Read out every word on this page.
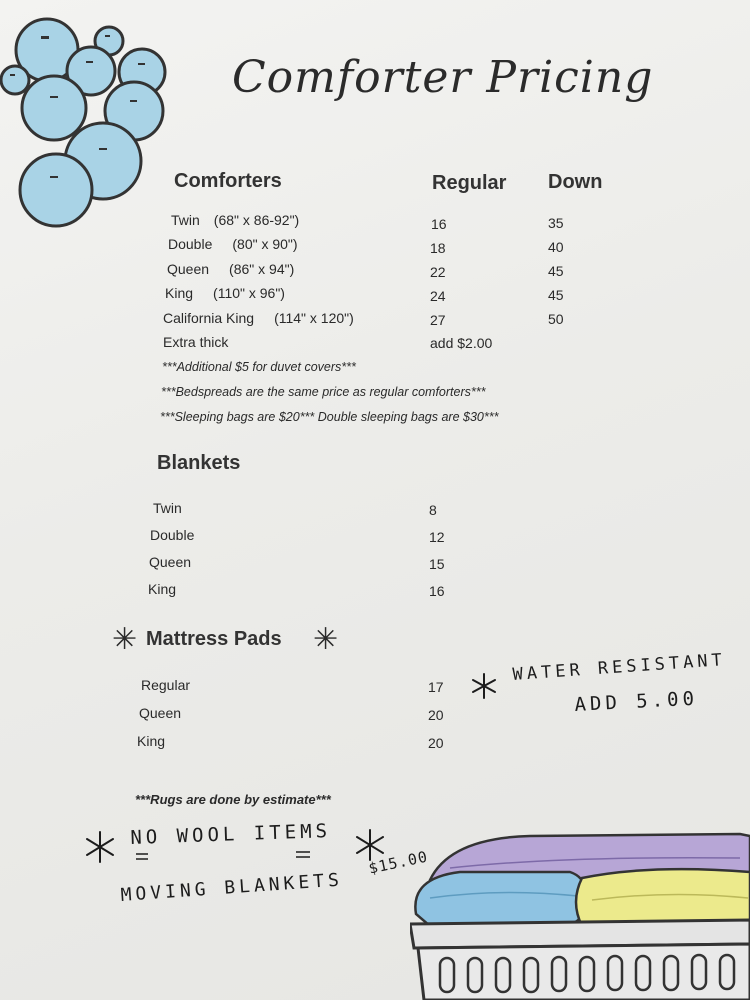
Comforter Pricing
Comforters	Regular Down
Twin (68" x 86-92")	16	35
Double (80" x 90")	18	40
Queen (86" x 94")	22	45
King (110" x 96")	24	45
California King (114" x 120")	27	50
Extra thick	add $2.00
***Additional $5 for duvet covers***
***Bedspreads are the same price as regular comforters***
***Sleeping bags are $20*** Double sleeping bags are $30***
Blankets
Twin	8
Double	12
Queen	15
King	16
✳ Mattress Pads ✳
Regular	17
Queen	20
King	20
WATER RESISTANT
ADD 5.00
***Rugs are done by estimate***
NO WOOL ITEMS
MOVING BLANKETS
$15.00
